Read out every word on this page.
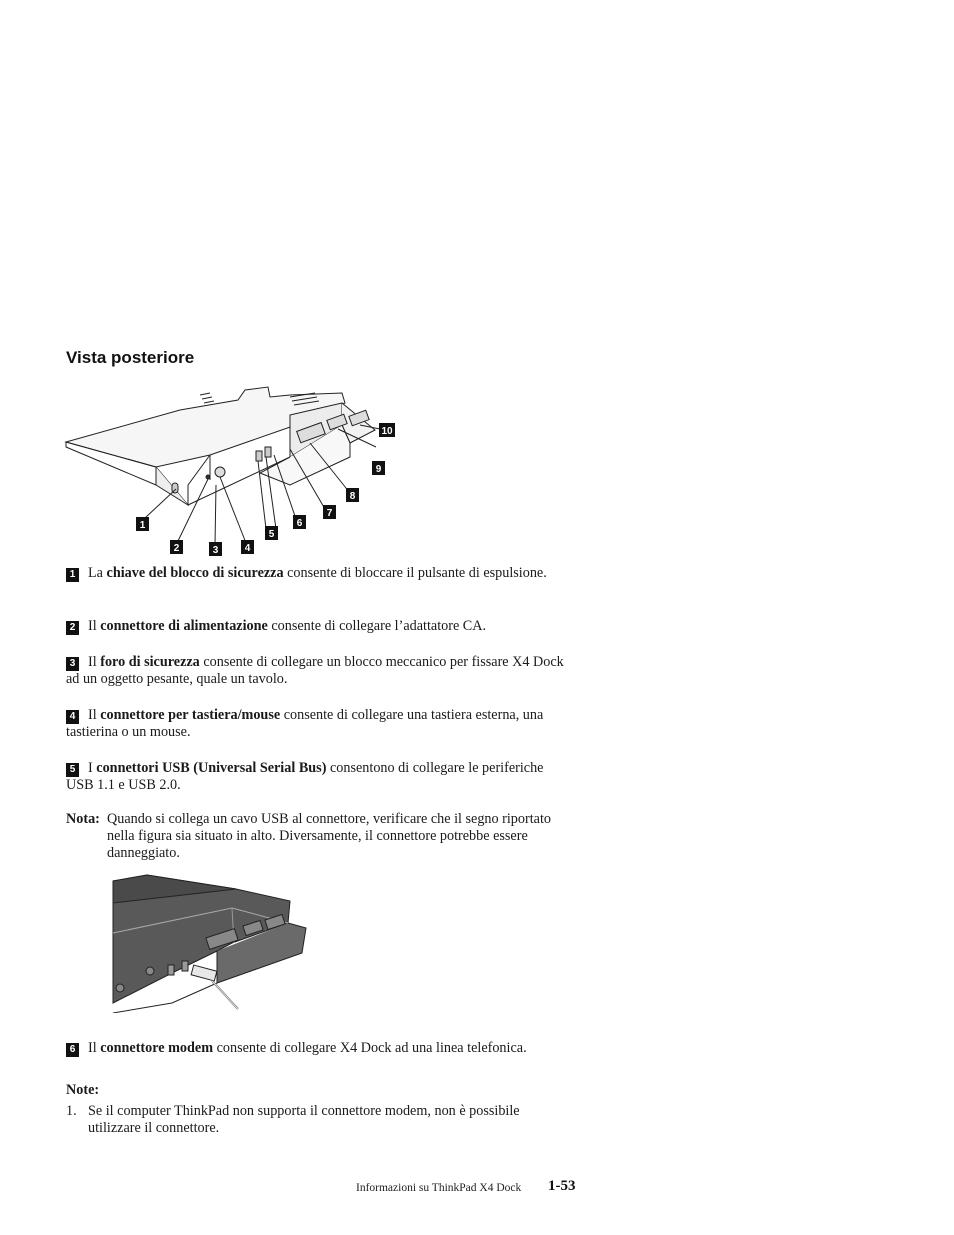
Vista posteriore
1
2	3	4
5
6
7
8
9
10

1 La chiave del blocco di sicurezza consente di bloccare il pulsante di espulsione.

2 Il connettore di alimentazione consente di collegare l’adattatore CA.

3 Il foro di sicurezza consente di collegare un blocco meccanico per fissare X4 Dock ad un oggetto pesante, quale un tavolo.

4 Il connettore per tastiera/mouse consente di collegare una tastiera esterna, una tastierina o un mouse.

5 I connettori USB (Universal Serial Bus) consentono di collegare le periferiche USB 1.1 e USB 2.0.

Nota: Quando si collega un cavo USB al connettore, verificare che il segno riportato nella figura sia situato in alto. Diversamente, il connettore potrebbe essere danneggiato.

6 Il connettore modem consente di collegare X4 Dock ad una linea telefonica.

Note:
1. Se il computer ThinkPad non supporta il connettore modem, non è possibile utilizzare il connettore.
Informazioni su ThinkPad X4 Dock 1-53
